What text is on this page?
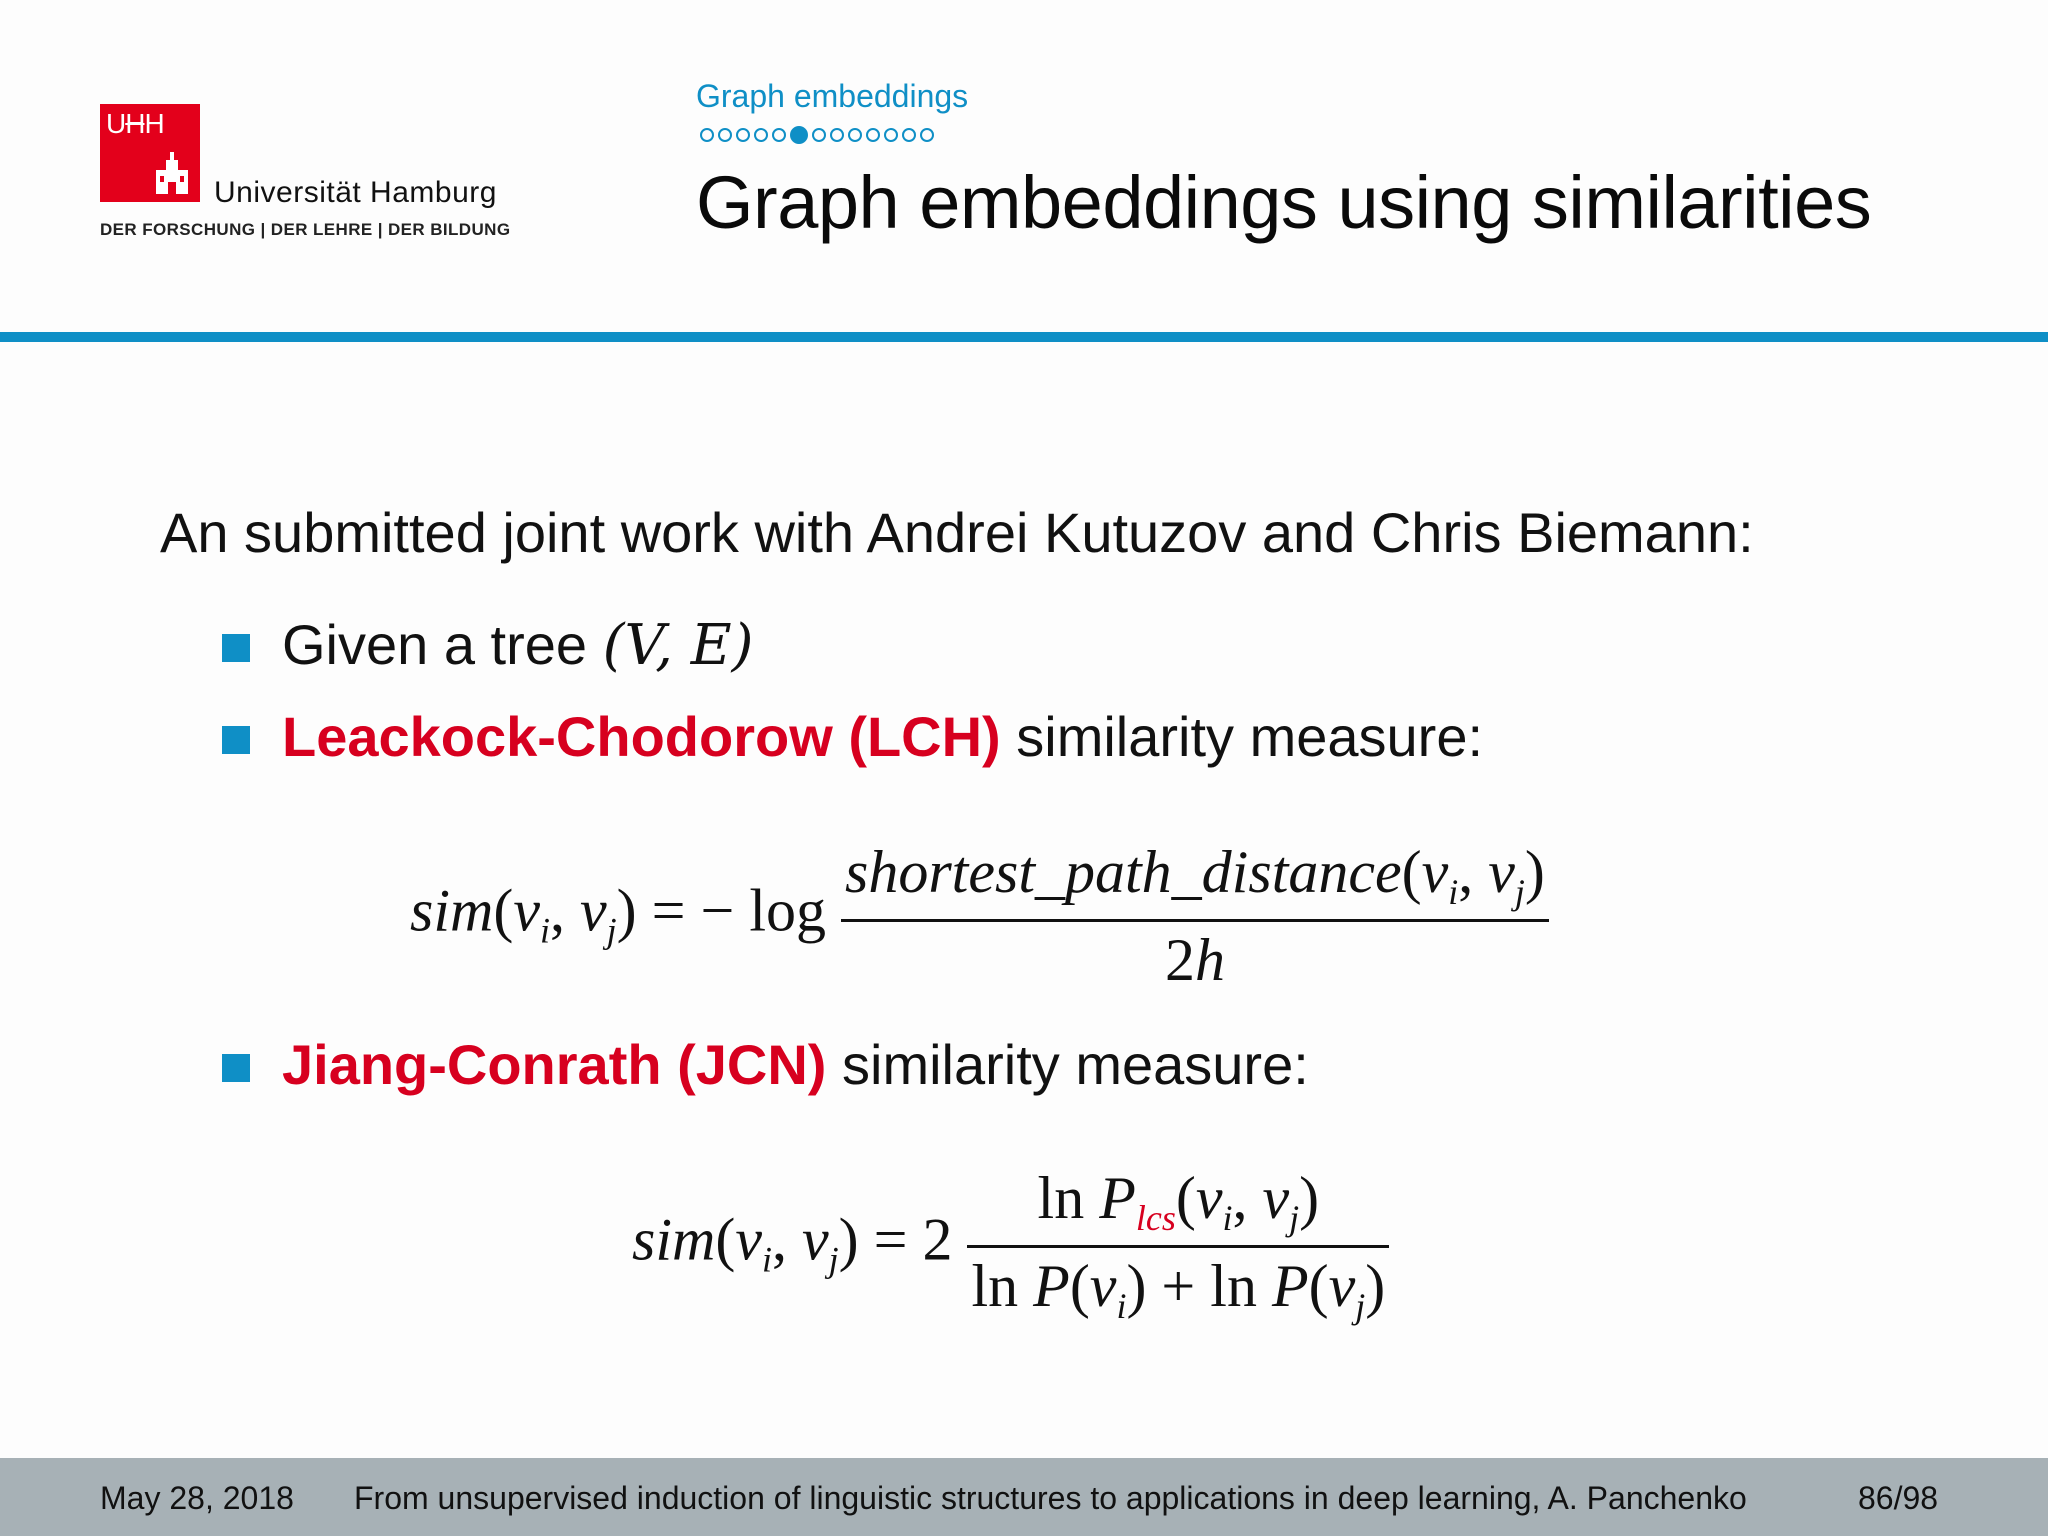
UHH
Universität Hamburg
DER FORSCHUNG | DER LEHRE | DER BILDUNG
Graph embeddings
Graph embeddings using similarities
An submitted joint work with Andrei Kutuzov and Chris Biemann:
Given a tree (V, E)
Leackock-Chodorow (LCH) similarity measure:
$sim(v_i$, $v_j$) = − $\log \frac{shortest\_path\_distance(v_i, v_j)}{2h}$
Jiang-Conrath (JCN) similarity measure:
$sim(v_i$, $v_j) = 2 \frac{\ln P_{lcs}(v_i, v_j)}{\ln P(v_i) + \ln P(v_j)}$
May 28, 2018 From unsupervised induction of linguistic structures to applications in deep learning, A. Panchenko	86/98
